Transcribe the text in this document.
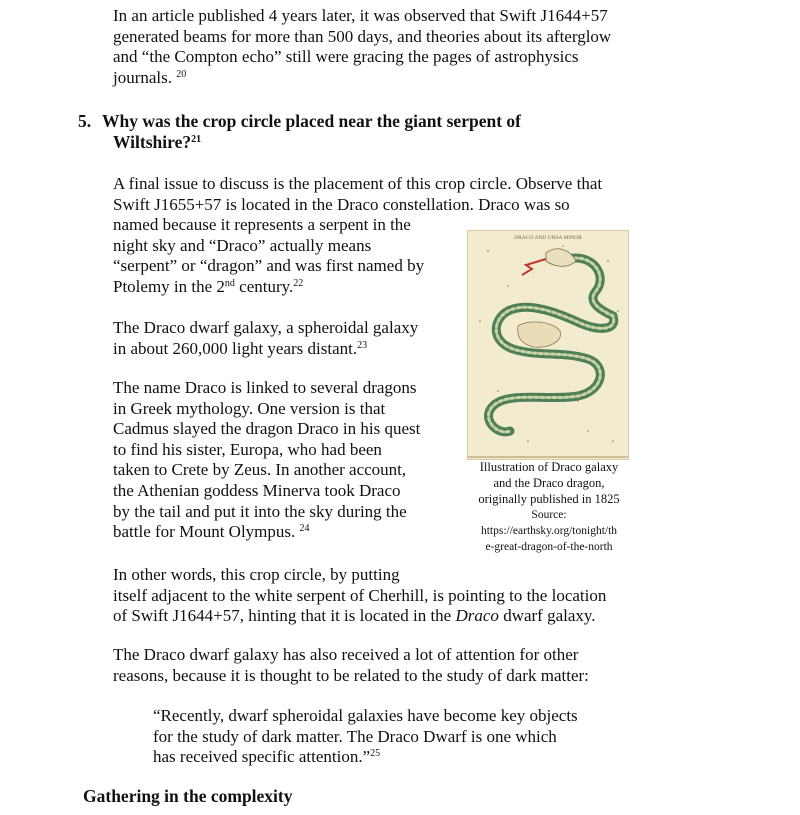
In an article published 4 years later, it was observed that Swift J1644+57
generated beams for more than 500 days, and theories about its afterglow
and “the Compton echo” still were gracing the pages of astrophysics
journals. $^{20}$
5. Why was the crop circle placed near the giant serpent of
Wiltshire?$^{21}$
A final issue to discuss is the placement of this crop circle. Observe that
Swift J1655+57 is located in the Draco constellation. Draco was so
named because it represents a serpent in the
night sky and “Draco” actually means
“serpent” or “dragon” and was first named by
Ptolemy in the 2nd century.$^{22}$
The Draco dwarf galaxy, a spheroidal galaxy
in about 260,000 light years distant.$^{23}$
The name Draco is linked to several dragons
in Greek mythology. One version is that
Cadmus slayed the dragon Draco in his quest
to find his sister, Europa, who had been
taken to Crete by Zeus. In another account,
the Athenian goddess Minerva took Draco
by the tail and put it into the sky during the
battle for Mount Olympus. $^{24}$
DRACO AND URSA MINOR
Illustration of Draco galaxy
and the Draco dragon,
originally published in 1825
Source:
https://earthsky.org/tonight/th
e-great-dragon-of-the-north
In other words, this crop circle, by putting
itself adjacent to the white serpent of Cherhill, is pointing to the location
of Swift J1644+57, hinting that it is located in the Draco dwarf galaxy.
The Draco dwarf galaxy has also received a lot of attention for other
reasons, because it is thought to be related to the study of dark matter:
“Recently, dwarf spheroidal galaxies have become key objects
for the study of dark matter. The Draco Dwarf is one which
has received specific attention.”$^{25}$
Gathering in the complexity
